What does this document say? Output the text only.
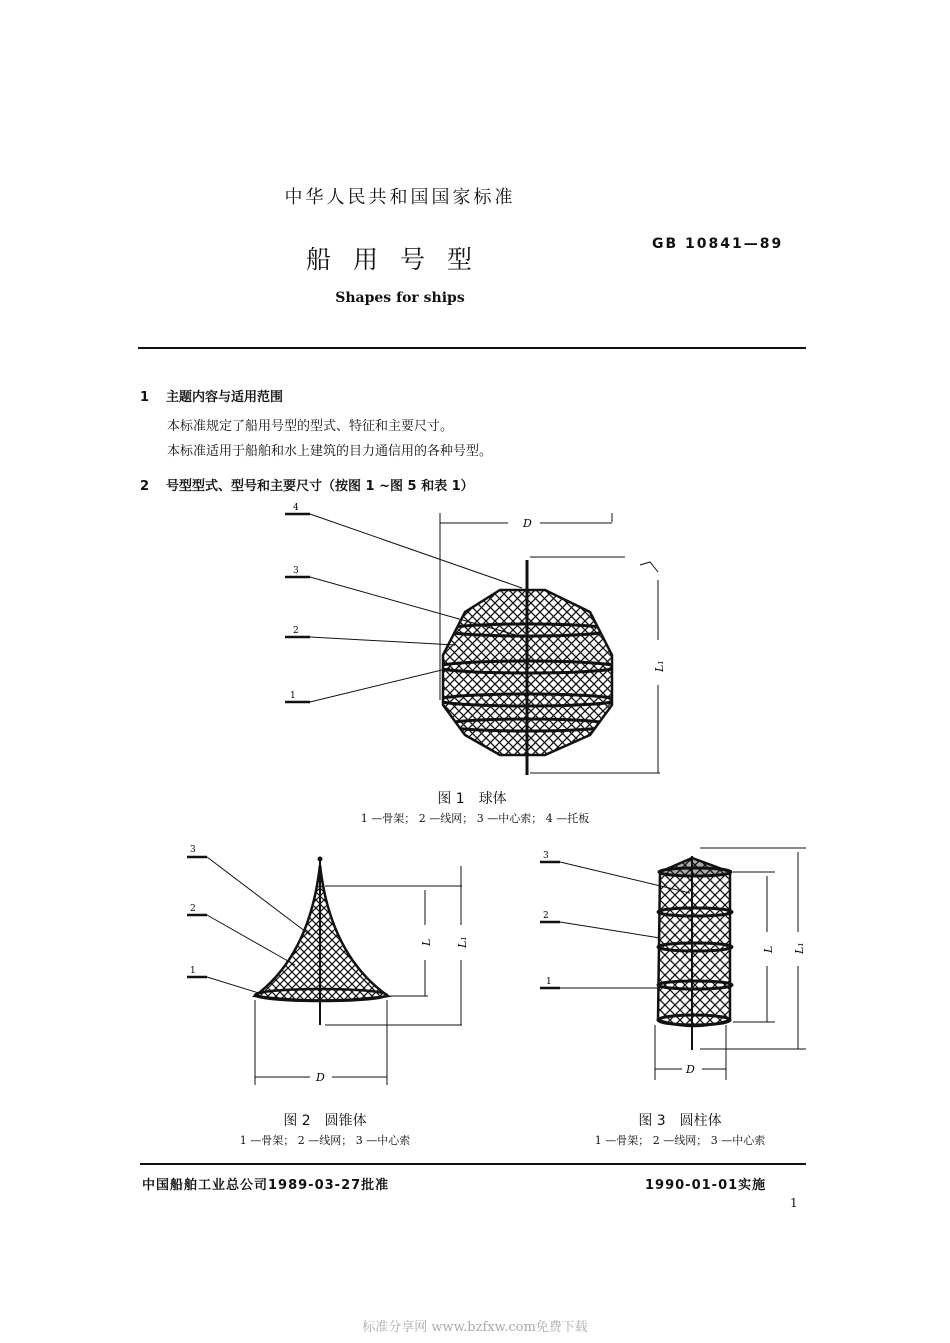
中华人民共和国国家标准
船用号型
GB 10841—89
Shapes for ships
1 主题内容与适用范围
本标准规定了船用号型的型式、特征和主要尺寸。
本标准适用于船舶和水上建筑的目力通信用的各种号型。
2 号型型式、型号和主要尺寸（按图 1 ~图 5 和表 1）
D
L₁
4
3
2
1
图 1　球体
1 —骨架； 2 —线网； 3 —中心索； 4 —托板
L L₁
D
3
2
1
图 2　圆锥体
1 —骨架； 2 —线网； 3 —中心索
L L₁
D
3
2
1
图 3　圆柱体
1 —骨架； 2 —线网； 3 —中心索
中国船舶工业总公司1989-03-27批准	1990-01-01实施
1
标准分享网 www.bzfxw.com免费下载
